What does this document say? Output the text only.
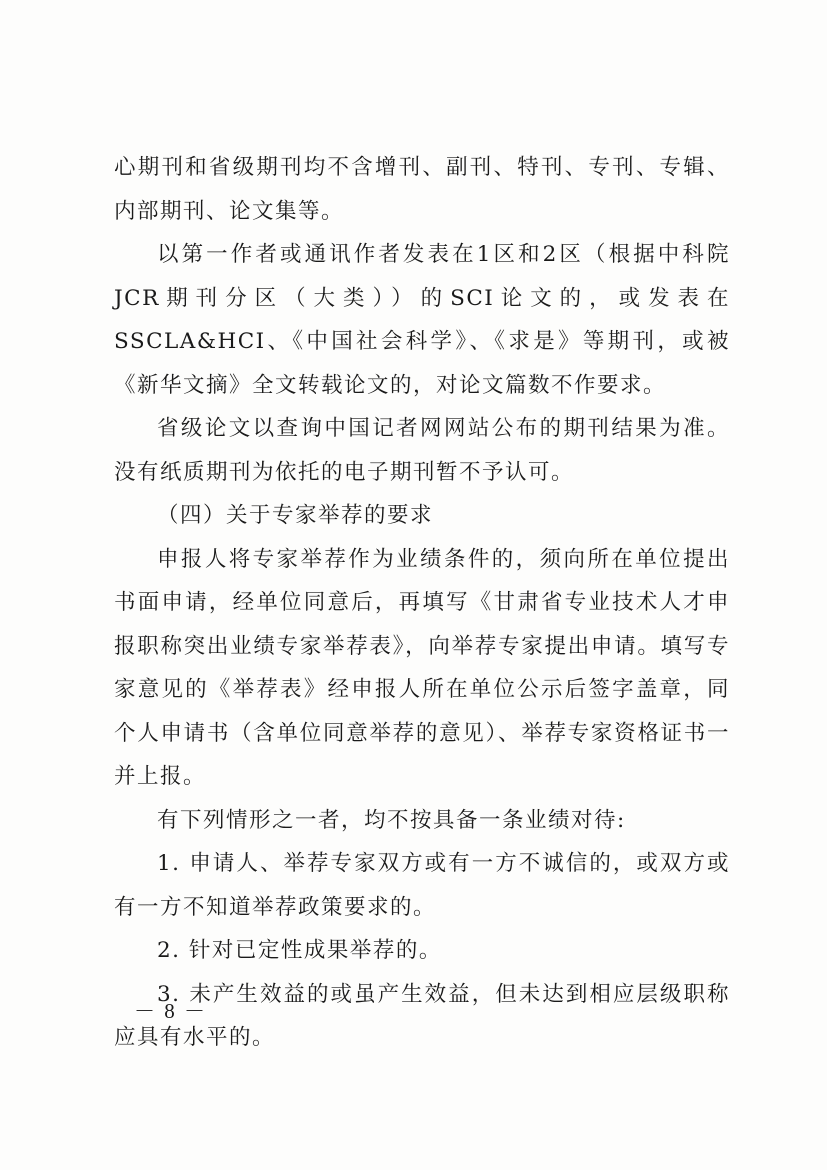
心期刊和省级期刊均不含增刊、副刊、特刊、专刊、专辑、内部期刊、论文集等。

以第一作者或通讯作者发表在1区和2区（根据中科院JCR期刊分区（大类））的SCI论文的，或发表在SSCLA&HCI、《中国社会科学》、《求是》等期刊，或被《新华文摘》全文转载论文的，对论文篇数不作要求。

省级论文以查询中国记者网网站公布的期刊结果为准。没有纸质期刊为依托的电子期刊暂不予认可。

（四）关于专家举荐的要求

申报人将专家举荐作为业绩条件的，须向所在单位提出书面申请，经单位同意后，再填写《甘肃省专业技术人才申报职称突出业绩专家举荐表》，向举荐专家提出申请。填写专家意见的《举荐表》经申报人所在单位公示后签字盖章，同个人申请书（含单位同意举荐的意见）、举荐专家资格证书一并上报。

有下列情形之一者，均不按具备一条业绩对待:

1. 申请人、举荐专家双方或有一方不诚信的，或双方或有一方不知道举荐政策要求的。

2. 针对已定性成果举荐的。

3. 未产生效益的或虽产生效益，但未达到相应层级职称应具有水平的。

－ 8 －
